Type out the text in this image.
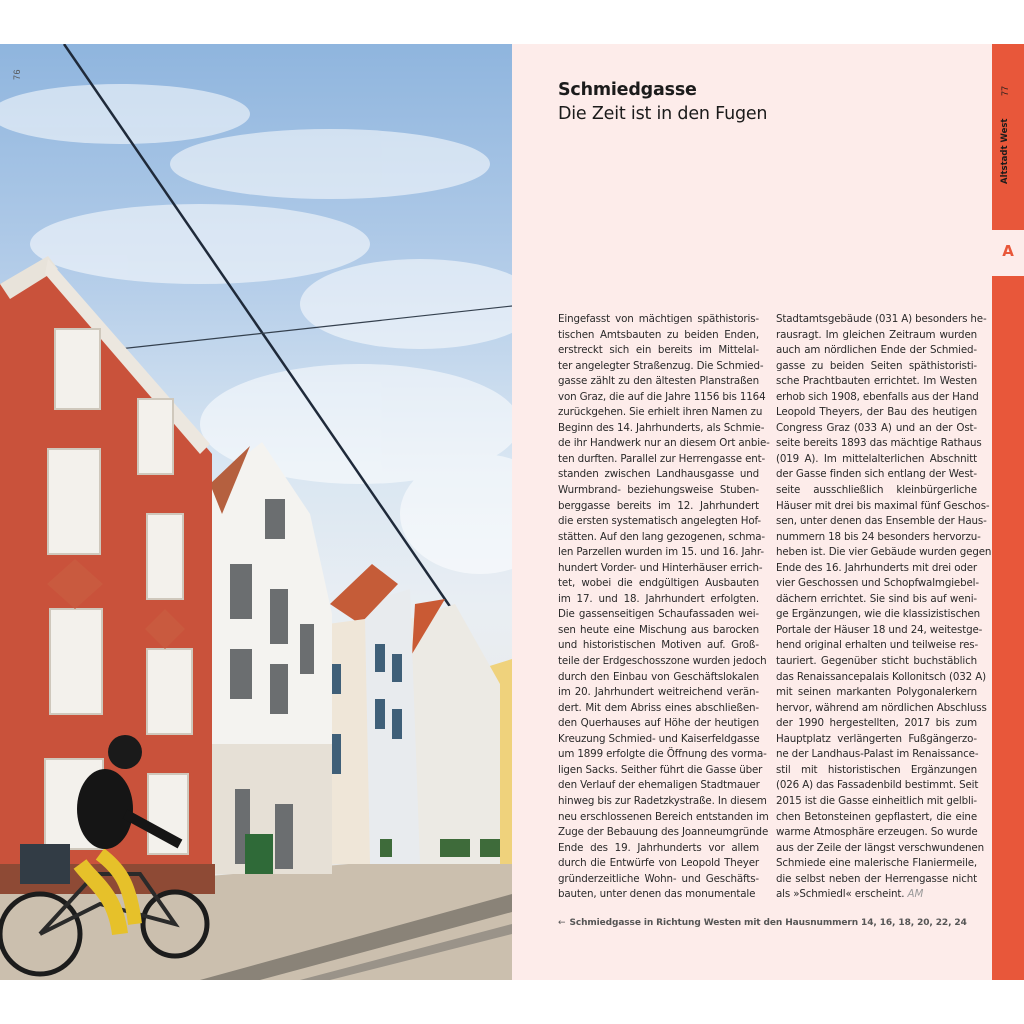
76
Schmiedgasse
Die Zeit ist in den Fugen
Eingefasst von mächtigen späthistoris-
tischen Amtsbauten zu beiden Enden,
erstreckt sich ein bereits im Mittelal-
ter angelegter Straßenzug. Die Schmied-
gasse zählt zu den ältesten Planstraßen
von Graz, die auf die Jahre 1156 bis 1164
zurückgehen. Sie erhielt ihren Namen zu
Beginn des 14. Jahrhunderts, als Schmie-
de ihr Handwerk nur an diesem Ort anbie-
ten durften. Parallel zur Herrengasse ent-
standen zwischen Landhausgasse und
Wurmbrand- beziehungsweise Stuben-
berggasse bereits im 12. Jahrhundert
die ersten systematisch angelegten Hof-
stätten. Auf den lang gezogenen, schma-
len Parzellen wurden im 15. und 16. Jahr-
hundert Vorder- und Hinterhäuser errich-
tet, wobei die endgültigen Ausbauten
im 17. und 18. Jahrhundert erfolgten.
Die gassenseitigen Schaufassaden wei-
sen heute eine Mischung aus barocken
und historistischen Motiven auf. Groß-
teile der Erdgeschosszone wurden jedoch
durch den Einbau von Geschäftslokalen
im 20. Jahrhundert weitreichend verän-
dert. Mit dem Abriss eines abschließen-
den Querhauses auf Höhe der heutigen
Kreuzung Schmied- und Kaiserfeldgasse
um 1899 erfolgte die Öffnung des vorma-
ligen Sacks. Seither führt die Gasse über
den Verlauf der ehemaligen Stadtmauer
hinweg bis zur Radetzkystraße. In diesem
neu erschlossenen Bereich entstanden im
Zuge der Bebauung des Joanneumgründe
Ende des 19. Jahrhunderts vor allem
durch die Entwürfe von Leopold Theyer
gründerzeitliche Wohn- und Geschäfts-
bauten, unter denen das monumentale
Stadtamtsgebäude (031 A) besonders he-
rausragt. Im gleichen Zeitraum wurden
auch am nördlichen Ende der Schmied-
gasse zu beiden Seiten späthistoristi-
sche Prachtbauten errichtet. Im Westen
erhob sich 1908, ebenfalls aus der Hand
Leopold Theyers, der Bau des heutigen
Congress Graz (033 A) und an der Ost-
seite bereits 1893 das mächtige Rathaus
(019 A). Im mittelalterlichen Abschnitt
der Gasse finden sich entlang der West-
seite ausschließlich kleinbürgerliche
Häuser mit drei bis maximal fünf Geschos-
sen, unter denen das Ensemble der Haus-
nummern 18 bis 24 besonders hervorzu-
heben ist. Die vier Gebäude wurden gegen
Ende des 16. Jahrhunderts mit drei oder
vier Geschossen und Schopfwalmgiebel-
dächern errichtet. Sie sind bis auf weni-
ge Ergänzungen, wie die klassizistischen
Portale der Häuser 18 und 24, weitestge-
hend original erhalten und teilweise res-
tauriert. Gegenüber sticht buchstäblich
das Renaissancepalais Kollonitsch (032 A)
mit seinen markanten Polygonalerkern
hervor, während am nördlichen Abschluss
der 1990 hergestellten, 2017 bis zum
Hauptplatz verlängerten Fußgängerzo-
ne der Landhaus-Palast im Renaissance-
stil mit historistischen Ergänzungen
(026 A) das Fassadenbild bestimmt. Seit
2015 ist die Gasse einheitlich mit gelbli-
chen Betonsteinen gepflastert, die eine
warme Atmosphäre erzeugen. So wurde
aus der Zeile der längst verschwundenen
Schmiede eine malerische Flaniermeile,
die selbst neben der Herrengasse nicht
als »Schmiedl« erscheint. AM
← Schmiedgasse in Richtung Westen mit den Hausnummern 14, 16, 18, 20, 22, 24
A
Altstadt West
77
